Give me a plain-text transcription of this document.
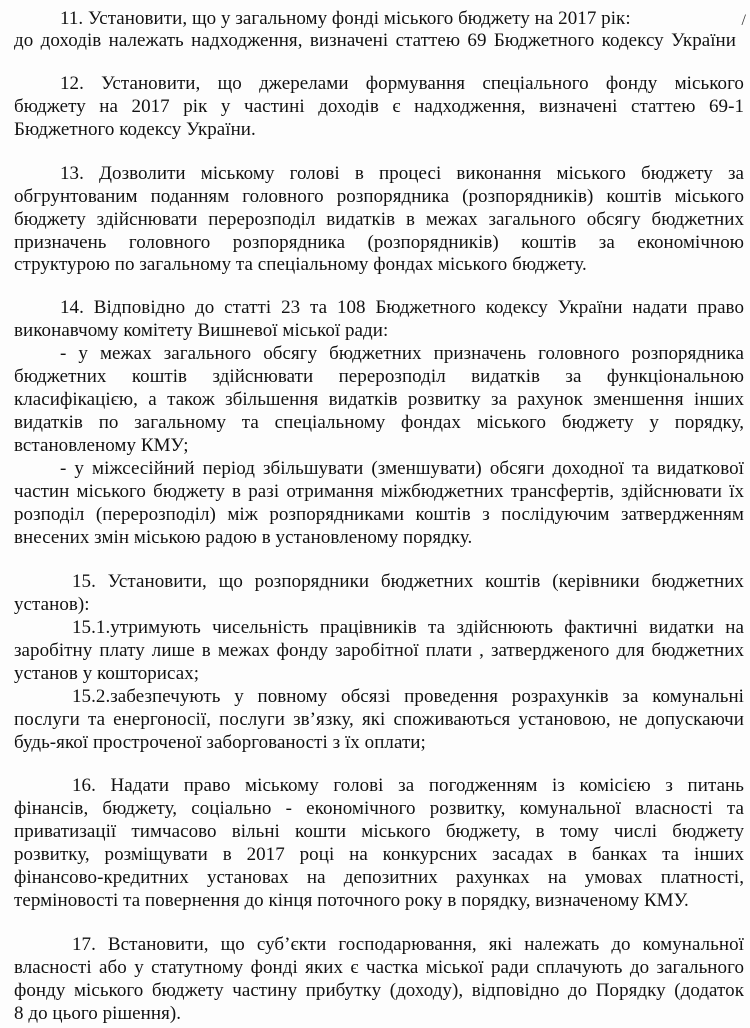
/
11. Установити, що у загальному фонді міського бюджету на 2017 рік:
до доходів належать надходження, визначені статтею 69 Бюджетного кодексу України
12. Установити, що джерелами формування спеціального фонду міського
бюджету на 2017 рік у частині доходів є надходження, визначені статтею 69-1
Бюджетного кодексу України.
13. Дозволити міському голові в процесі виконання міського бюджету за
обгрунтованим поданням головного розпорядника (розпорядників) коштів міського
бюджету здійснювати перерозподіл видатків в межах загального обсягу бюджетних
призначень головного розпорядника (розпорядників) коштів за економічною
структурою по загальному та спеціальному фондах міського бюджету.
14. Відповідно до статті 23 та 108 Бюджетного кодексу України надати право
виконавчому комітету Вишневої міської ради:
- у межах загального обсягу бюджетних призначень головного розпорядника
бюджетних коштів здійснювати перерозподіл видатків за функціональною
класифікацією, а також збільшення видатків розвитку за рахунок зменшення інших
видатків по загальному та спеціальному фондах міського бюджету у порядку,
встановленому КМУ;
- у міжсесійний період збільшувати (зменшувати) обсяги доходної та видаткової
частин міського бюджету в разі отримання міжбюджетних трансфертів, здійснювати їх
розподіл (перерозподіл) між розпорядниками коштів з послідуючим затвердженням
внесених змін міською радою в установленому порядку.
15. Установити, що розпорядники бюджетних коштів (керівники бюджетних
установ):
15.1.утримують чисельність працівників та здійснюють фактичні видатки на
заробітну плату лише в межах фонду заробітної плати , затвердженого для бюджетних
установ у кошторисах;
15.2.забезпечують у повному обсязі проведення розрахунків за комунальні
послуги та енергоносії, послуги зв’язку, які споживаються установою, не допускаючи
будь-якої простроченої заборгованості з їх оплати;
16. Надати право міському голові за погодженням із комісією з питань
фінансів, бюджету, соціально - економічного розвитку, комунальної власності та
приватизації тимчасово вільні кошти міського бюджету, в тому числі бюджету
розвитку, розміщувати в 2017 році на конкурсних засадах в банках та інших
фінансово-кредитних установах на депозитних рахунках на умовах платності,
терміновості та повернення до кінця поточного року в порядку, визначеному КМУ.
17. Встановити, що суб’єкти господарювання, які належать до комунальної
власності або у статутному фонді яких є частка міської ради сплачують до загального
фонду міського бюджету частину прибутку (доходу), відповідно до Порядку (додаток
8 до цього рішення).
